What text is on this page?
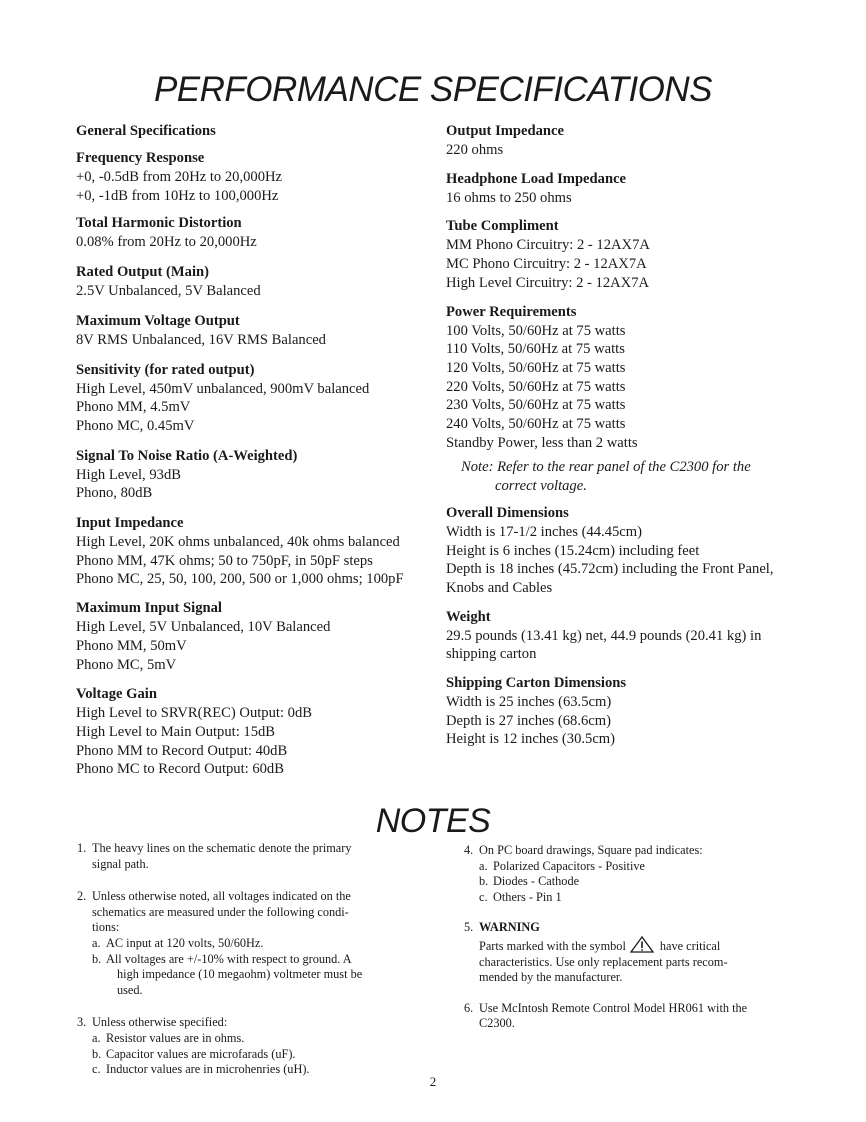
PERFORMANCE SPECIFICATIONS
General Specifications
Frequency Response
+0, -0.5dB from 20Hz to 20,000Hz
+0, -1dB from 10Hz to 100,000Hz
Total Harmonic Distortion
0.08% from 20Hz to 20,000Hz
Rated Output (Main)
2.5V Unbalanced, 5V Balanced
Maximum Voltage Output
8V RMS Unbalanced, 16V RMS Balanced
Sensitivity (for rated output)
High Level, 450mV unbalanced, 900mV balanced
Phono MM, 4.5mV
Phono MC, 0.45mV
Signal To Noise Ratio (A-Weighted)
High Level, 93dB
Phono, 80dB
Input Impedance
High Level, 20K ohms unbalanced, 40k ohms balanced
Phono MM, 47K ohms; 50 to 750pF, in 50pF steps
Phono MC, 25, 50, 100, 200, 500 or 1,000 ohms; 100pF
Maximum Input Signal
High Level, 5V Unbalanced, 10V Balanced
Phono MM, 50mV
Phono MC, 5mV
Voltage Gain
High Level to SRVR(REC) Output: 0dB
High Level to Main Output: 15dB
Phono MM to Record Output: 40dB
Phono MC to Record Output: 60dB
Output Impedance
220 ohms
Headphone Load Impedance
16 ohms to 250 ohms
Tube Compliment
MM Phono Circuitry: 2 - 12AX7A
MC Phono Circuitry: 2 - 12AX7A
High Level Circuitry: 2 - 12AX7A
Power Requirements
100 Volts, 50/60Hz at 75 watts
110 Volts, 50/60Hz at 75 watts
120 Volts, 50/60Hz at 75 watts
220 Volts, 50/60Hz at 75 watts
230 Volts, 50/60Hz at 75 watts
240 Volts, 50/60Hz at 75 watts
Standby Power, less than 2 watts
Note: Refer to the rear panel of the C2300 for the
correct voltage.
Overall Dimensions
Width is 17-1/2 inches (44.45cm)
Height is 6 inches (15.24cm) including feet
Depth is 18 inches (45.72cm) including the Front Panel,
Knobs and Cables
Weight
29.5 pounds (13.41 kg) net, 44.9 pounds (20.41 kg) in
shipping carton
Shipping Carton Dimensions
Width is 25 inches (63.5cm)
Depth is 27 inches (68.6cm)
Height is 12 inches (30.5cm)
NOTES
1. The heavy lines on the schematic denote the primary
signal path.
2. Unless otherwise noted, all voltages indicated on the
schematics are measured under the following condi-
tions:
a. AC input at 120 volts, 50/60Hz.
b. All voltages are +/-10% with respect to ground. A
high impedance (10 megaohm) voltmeter must be
used.
3. Unless otherwise specified:
a. Resistor values are in ohms.
b. Capacitor values are microfarads (uF).
c. Inductor values are in microhenries (uH).
4. On PC board drawings, Square pad indicates:
a. Polarized Capacitors - Positive
b. Diodes - Cathode
c. Others - Pin 1
5. WARNING
Parts marked with the symbol	have critical
characteristics. Use only replacement parts recom-
mended by the manufacturer.
6. Use McIntosh Remote Control Model HR061 with the
C2300.
2
